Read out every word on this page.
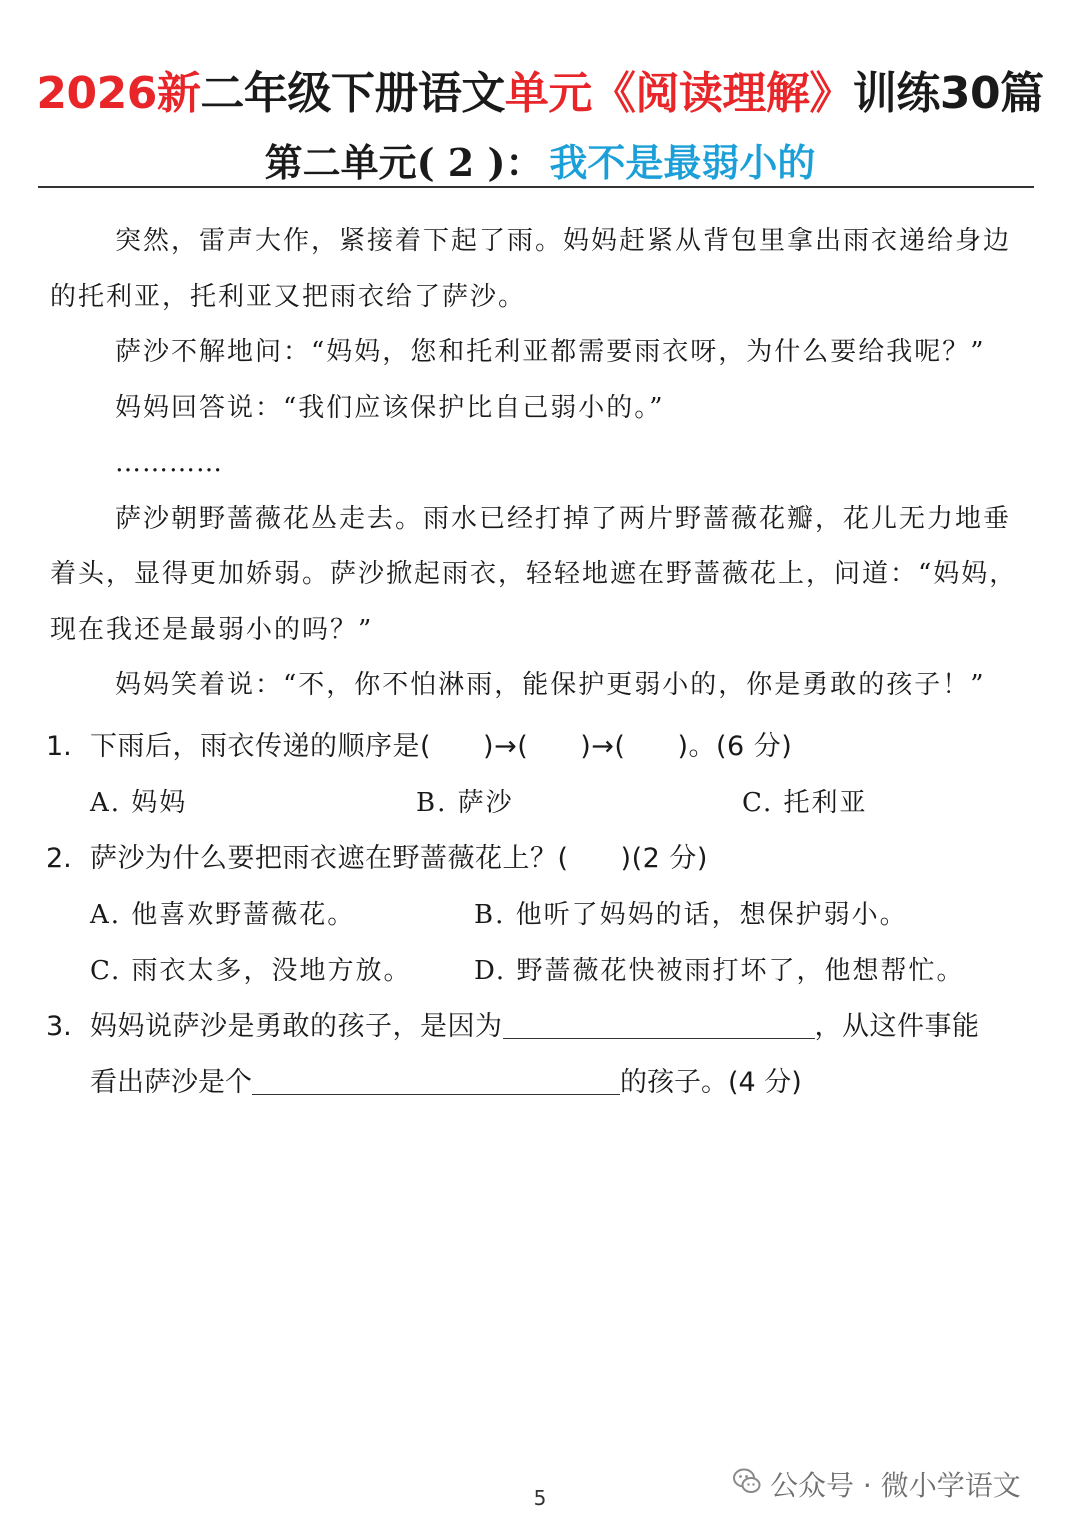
2026新二年级下册语文单元《阅读理解》训练30篇
第二单元( 2 )： 我不是最弱小的

突然，雷声大作，紧接着下起了雨。妈妈赶紧从背包里拿出雨衣递给身边的托利亚，托利亚又把雨衣给了萨沙。

萨沙不解地问：“妈妈，您和托利亚都需要雨衣呀，为什么要给我呢？”

妈妈回答说：“我们应该保护比自己弱小的。”

…………

萨沙朝野蔷薇花丛走去。雨水已经打掉了两片野蔷薇花瓣，花儿无力地垂着头，显得更加娇弱。萨沙掀起雨衣，轻轻地遮在野蔷薇花上，问道：“妈妈，现在我还是最弱小的吗？”

妈妈笑着说：“不，你不怕淋雨，能保护更弱小的，你是勇敢的孩子！”

1. 下雨后，雨衣传递的顺序是( )→( )→( )。(6 分)
A. 妈妈	B. 萨沙	C. 托利亚
2. 萨沙为什么要把雨衣遮在野蔷薇花上？( )(2 分)
A. 他喜欢野蔷薇花。	B. 他听了妈妈的话，想保护弱小。
C. 雨衣太多，没地方放。	D. 野蔷薇花快被雨打坏了，他想帮忙。
3. 妈妈说萨沙是勇敢的孩子，是因为	，从这件事能
看出萨沙是个	的孩子。(4 分)
公众号 · 微小学语文
5
